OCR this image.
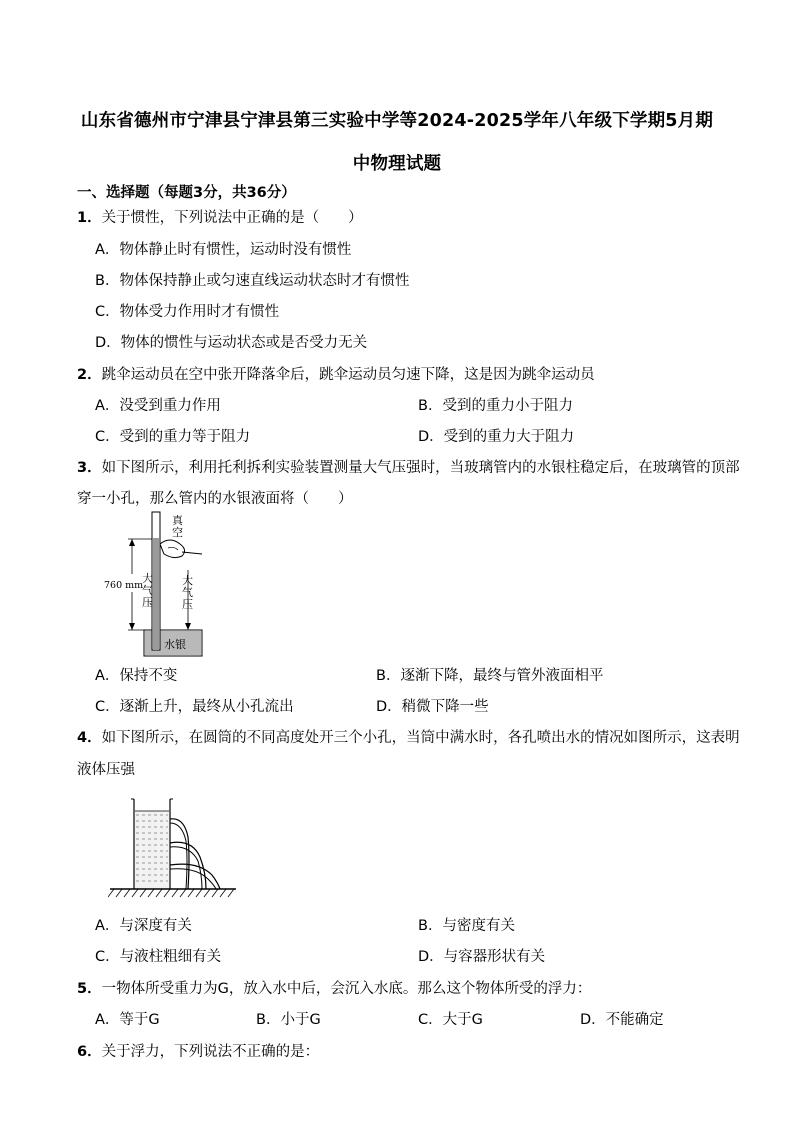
山东省德州市宁津县宁津县第三实验中学等2024-2025学年八年级下学期5月期
中物理试题
一、选择题（每题3分，共36分）
1．关于惯性，下列说法中正确的是（　　）
A．物体静止时有惯性，运动时没有惯性
B．物体保持静止或匀速直线运动状态时才有惯性
C．物体受力作用时才有惯性
D．物体的惯性与运动状态或是否受力无关
2．跳伞运动员在空中张开降落伞后，跳伞运动员匀速下降，这是因为跳伞运动员
A．没受到重力作用	B．受到的重力小于阻力
C．受到的重力等于阻力	D．受到的重力大于阻力
3．如下图所示，利用托利拆利实验装置测量大气压强时，当玻璃管内的水银柱稳定后，在玻璃管的顶部
穿一小孔，那么管内的水银液面将（　　）
真
空
760 mm
大
气
压
大
气
压
水银
A．保持不变	B．逐渐下降，最终与管外液面相平
C．逐渐上升，最终从小孔流出	D．稍微下降一些
4．如下图所示，在圆筒的不同高度处开三个小孔，当筒中满水时，各孔喷出水的情况如图所示，这表明
液体压强
A．与深度有关	B．与密度有关
C．与液柱粗细有关	D．与容器形状有关
5．一物体所受重力为G，放入水中后，会沉入水底。那么这个物体所受的浮力：
A．等于G	B．小于G	C．大于G	D．不能确定
6．关于浮力，下列说法不正确的是：
